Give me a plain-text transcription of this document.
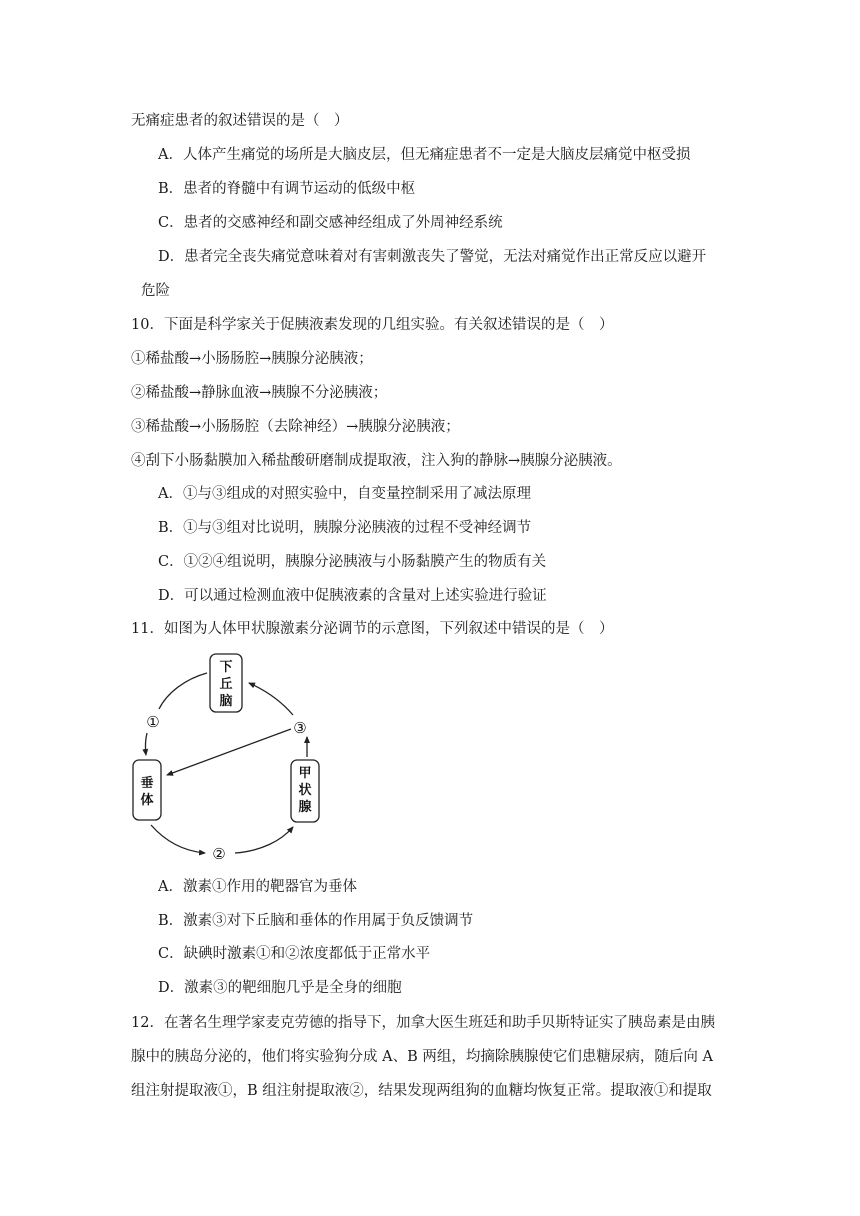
无痛症患者的叙述错误的是（　）
A．人体产生痛觉的场所是大脑皮层，但无痛症患者不一定是大脑皮层痛觉中枢受损
B．患者的脊髓中有调节运动的低级中枢
C．患者的交感神经和副交感神经组成了外周神经系统
D．患者完全丧失痛觉意味着对有害刺激丧失了警觉，无法对痛觉作出正常反应以避开
危险
10．下面是科学家关于促胰液素发现的几组实验。有关叙述错误的是（　）
①稀盐酸→小肠肠腔→胰腺分泌胰液；
②稀盐酸→静脉血液→胰腺不分泌胰液；
③稀盐酸→小肠肠腔（去除神经）→胰腺分泌胰液；
④刮下小肠黏膜加入稀盐酸研磨制成提取液，注入狗的静脉→胰腺分泌胰液。
A．①与③组成的对照实验中，自变量控制采用了减法原理
B．①与③组对比说明，胰腺分泌胰液的过程不受神经调节
C．①②④组说明，胰腺分泌胰液与小肠黏膜产生的物质有关
D．可以通过检测血液中促胰液素的含量对上述实验进行验证
11．如图为人体甲状腺激素分泌调节的示意图，下列叙述中错误的是（　）
下
丘
脑
垂
体
甲
状
腺
①	③
②
A．激素①作用的靶器官为垂体
B．激素③对下丘脑和垂体的作用属于负反馈调节
C．缺碘时激素①和②浓度都低于正常水平
D．激素③的靶细胞几乎是全身的细胞
12．在著名生理学家麦克劳德的指导下，加拿大医生班廷和助手贝斯特证实了胰岛素是由胰
腺中的胰岛分泌的，他们将实验狗分成 A、B 两组，均摘除胰腺使它们患糖尿病，随后向 A
组注射提取液①，B 组注射提取液②，结果发现两组狗的血糖均恢复正常。提取液①和提取
